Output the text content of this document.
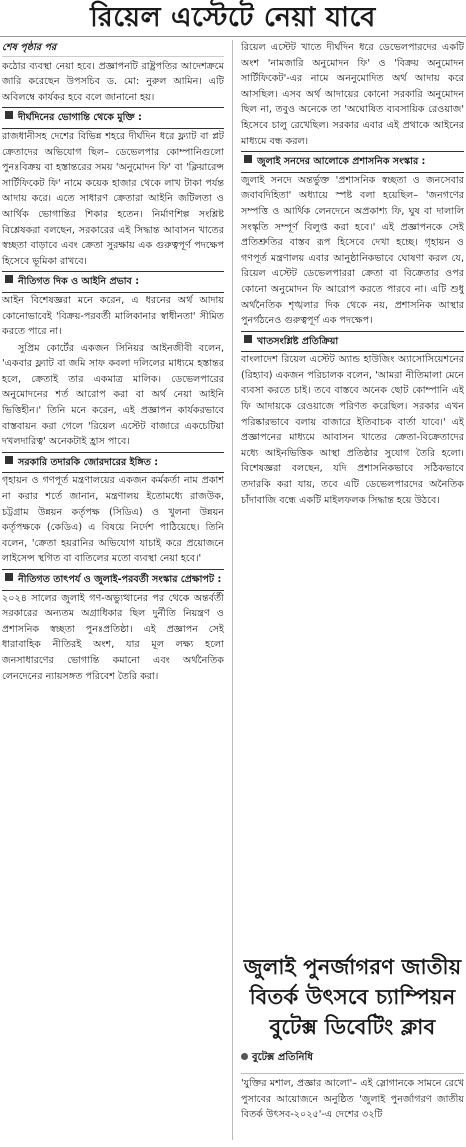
রিয়েল এস্টেটে নেয়া যাবে

শেষ পৃষ্ঠার পর

কঠোর ব্যবস্থা নেয়া হবে। প্রজ্ঞাপনটি রাষ্ট্রপতির আদেশক্রমে জারি করেছেন উপসচিব ড. মো: নুরুল আমিন। এটি অবিলম্বে কার্যকর হবে বলে জানানো হয়।

দীর্ঘদিনের ভোগান্তি থেকে মুক্তি :

রাজধানীসহ দেশের বিভিন্ন শহরে দীর্ঘদিন ধরে ফ্ল্যাট বা প্লট ক্রেতাদের অভিযোগ ছিল– ডেভেলপার কোম্পানিগুলো পুনঃবিক্রয় বা হস্তান্তরের সময় 'অনুমোদন ফি' বা 'ক্লিয়ারেন্স সার্টিফিকেট ফি' নামে কয়েক হাজার থেকে লাখ টাকা পর্যন্ত আদায় করে। এতে সাধারণ ক্রেতারা আইনি জটিলতা ও আর্থিক ভোগান্তির শিকার হতেন। নির্মাণশিল্প সংশ্লিষ্ট বিশ্লেষকরা বলছেন, সরকারের এই সিদ্ধান্ত আবাসন খাতের স্বচ্ছতা বাড়াবে এবং ক্রেতা সুরক্ষায় এক গুরুত্বপূর্ণ পদক্ষেপ হিসেবে ভূমিকা রাখবে।

নীতিগত দিক ও আইনি প্রভাব :

আইন বিশেষজ্ঞরা মনে করেন, এ ধরনের অর্থ আদায় কোনোভাবেই 'বিক্রয়-পরবর্তী মালিকানার স্বাধীনতা' সীমিত করতে পারে না।

সুপ্রিম কোর্টের একজন সিনিয়র আইনজীবী বলেন, 'একবার ফ্ল্যাট বা জমি সাফ কবলা দলিলের মাধ্যমে হস্তান্তর হলে, ক্রেতাই তার একমাত্র মালিক। ডেভেলপারের অনুমোদনের শর্ত আরোপ করা বা অর্থ নেয়া আইনি ভিত্তিহীন।' তিনি মনে করেন, এই প্রজ্ঞাপন কার্যকরভাবে বাস্তবায়ন করা গেলে 'রিয়েল এস্টেট বাজারে একচেটিয়া দখলদারিত্ব' অনেকটাই হ্রাস পাবে।

সরকারি তদারকি জোরদারের ইঙ্গিত :

গৃহায়ন ও গণপূর্ত মন্ত্রণালয়ের একজন কর্মকর্তা নাম প্রকাশ না করার শর্তে জানান, মন্ত্রণালয় ইতোমধ্যে রাজউক, চট্টগ্রাম উন্নয়ন কর্তৃপক্ষ (সিডিএ) ও খুলনা উন্নয়ন কর্তৃপক্ষকে (কেডিএ) এ বিষয়ে নির্দেশ পাঠিয়েছে। তিনি বলেন, 'ক্রেতা হয়রানির অভিযোগ যাচাই করে প্রয়োজনে লাইসেন্স স্থগিত বা বাতিলের মতো ব্যবস্থা নেয়া হবে।'

নীতিগত তাৎপর্য ও জুলাই-পরবর্তী সংস্কার প্রেক্ষাপট :

২০২৪ সালের জুলাই গণ-অভ্যুত্থানের পর থেকে অন্তর্বর্তী সরকারের অন্যতম অগ্রাধিকার ছিল দুর্নীতি নিয়ন্ত্রণ ও প্রশাসনিক স্বচ্ছতা পুনঃপ্রতিষ্ঠা। এই প্রজ্ঞাপন সেই ধারাবাহিক নীতিরই অংশ, যার মূল লক্ষ্য হলো জনসাধারণের ভোগান্তি কমানো এবং অর্থনৈতিক লেনদেনের ন্যায়সঙ্গত পরিবেশ তৈরি করা।

রিয়েল এস্টেট খাতে দীর্ঘদিন ধরে ডেভেলপারদের একটি অংশ 'নামজারি অনুমোদন ফি' ও 'বিক্রয় অনুমোদন সার্টিফিকেট'-এর নামে অননুমোদিত অর্থ আদায় করে আসছিল। এসব অর্থ আদায়ের কোনো সরকারি অনুমোদন ছিল না, তবুও অনেকে তা 'অঘোষিত ব্যবসায়িক রেওয়াজ' হিসেবে চালু রেখেছিল। সরকার এবার এই প্রথাকে আইনের মাধ্যমে বন্ধ করল।

জুলাই সনদের আলোকে প্রশাসনিক সংস্কার :

জুলাই সনদে অন্তর্ভুক্ত 'প্রশাসনিক স্বচ্ছতা ও জনসেবার জবাবদিহিতা' অধ্যায়ে স্পষ্ট বলা হয়েছিল– 'জনগণের সম্পত্তি ও আর্থিক লেনদেনে অপ্রকাশ্য ফি, ঘুষ বা দালালি সংস্কৃতি সম্পূর্ণ বিলুপ্ত করা হবে।' এই প্রজ্ঞাপনকে সেই প্রতিশ্রুতির বাস্তব রূপ হিসেবে দেখা হচ্ছে। গৃহায়ন ও গণপূর্ত মন্ত্রণালয় এবার আনুষ্ঠানিকভাবে ঘোষণা করল যে, রিয়েল এস্টেট ডেভেলপাররা ক্রেতা বা বিক্রেতার ওপর কোনো অনুমোদন ফি আরোপ করতে পারবে না। এটি শুধু অর্থনৈতিক শৃঙ্খলার দিক থেকে নয়, প্রশাসনিক আস্থার পুনর্গঠনেও গুরুত্বপূর্ণ এক পদক্ষেপ।

খাতসংশ্লিষ্ট প্রতিক্রিয়া

বাংলাদেশ রিয়েল এস্টেট অ্যান্ড হাউজিং অ্যাসোসিয়েশনের (রিহ্যাব) একজন পরিচালক বলেন, 'আমরা নীতিমালা মেনে ব্যবসা করতে চাই। তবে বাস্তবে অনেক ছোট কোম্পানি এই ফি আদায়কে রেওয়াজে পরিণত করেছিল। সরকার এখন পরিষ্কারভাবে বলায় বাজারে ইতিবাচক বার্তা যাবে।' এই প্রজ্ঞাপনের মাধ্যমে আবাসন খাতের ক্রেতা-বিক্রেতাদের মধ্যে আইনভিত্তিক আস্থা প্রতিষ্ঠার সুযোগ তৈরি হলো। বিশেষজ্ঞরা বলছেন, যদি প্রশাসনিকভাবে সঠিকভাবে তদারকি করা যায়, তবে এটি ডেভেলপারদের অনৈতিক চাঁদাবাজি বন্ধে একটি মাইলফলক সিদ্ধান্ত হয়ে উঠবে।

জুলাই পুনর্জাগরণ জাতীয় বিতর্ক উৎসবে চ্যাম্পিয়ন বুটেক্স ডিবেটিং ক্লাব
বুটেক্স প্রতিনিধি
'যুক্তির মশাল, প্রজ্ঞার আলো'– এই স্লোগানকে সামনে রেখে পুসাবের আয়োজনে অনুষ্ঠিত 'জুলাই পুনর্জাগরণ জাতীয় বিতর্ক উৎসব-২০২৫'-এ দেশের ৩২টি
